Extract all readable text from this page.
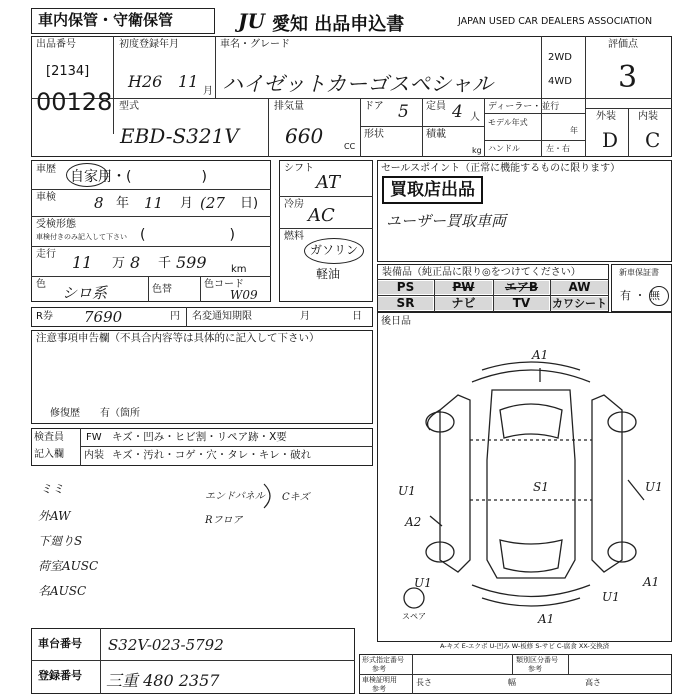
車内保管・守衛保管	JU 愛知 出品申込書	JAPAN USED CAR DEALERS ASSOCIATION
出品番号
[2134]
00128
初度登録年月
H26 11
月
車名・グレード
ハイゼットカーゴスペシャル
2WD
4WD
評価点
3
外装 内装
D C
型式
EBD-S321V
排気量
660	CC
ドア 5 定員 4 人
形状	積載
kg
ディーラー・並行
モデル年式
年
ハンドル	左・右
車歴 自家用・(　　　　　)
車検	8 年 11 月 (27 日)
受検形態
車検付きのみ記入して下さい (　　　　　　)
走行 11 万 8 千 599 km
色 シロ系	色替	色コード
W09
シフト
AT
冷房
AC
燃料
ガソリン
軽油
セールスポイント（正常に機能するものに限ります）
買取店出品
ユーザー買取車両
装備品（純正品に限り◎をつけてください）
PS	PW	エアB	AW
SR	ナビ	TV	カワシート
新車保証書
有 ・ 無
R券 7690	円 名変通知期限	月	日
注意事項申告欄（不具合内容等は具体的に記入して下さい）
修復歴　　有（箇所
後日品
検査員
記入欄
FW キズ・凹み・ヒビ割・リペア跡・X要
内装 キズ・汚れ・コゲ・穴・タレ・キレ・破れ
ミミ
外AW
下廻りS
荷室AUSC
名AUSC
エンドパネル
Rフロア
Cキズ
A1
U1	S1	U1
A2
U1
U1
A1
A1
スペア
A-キズ E-エクボ U-凹み W-板修 S-サビ C-腐食 XX-交換済
車台番号 S32V-023-5792
登録番号 三重 480 2357
形式指定番号
参考
類別区分番号
参考
車検証明用
参考
長さ	幅	高さ
